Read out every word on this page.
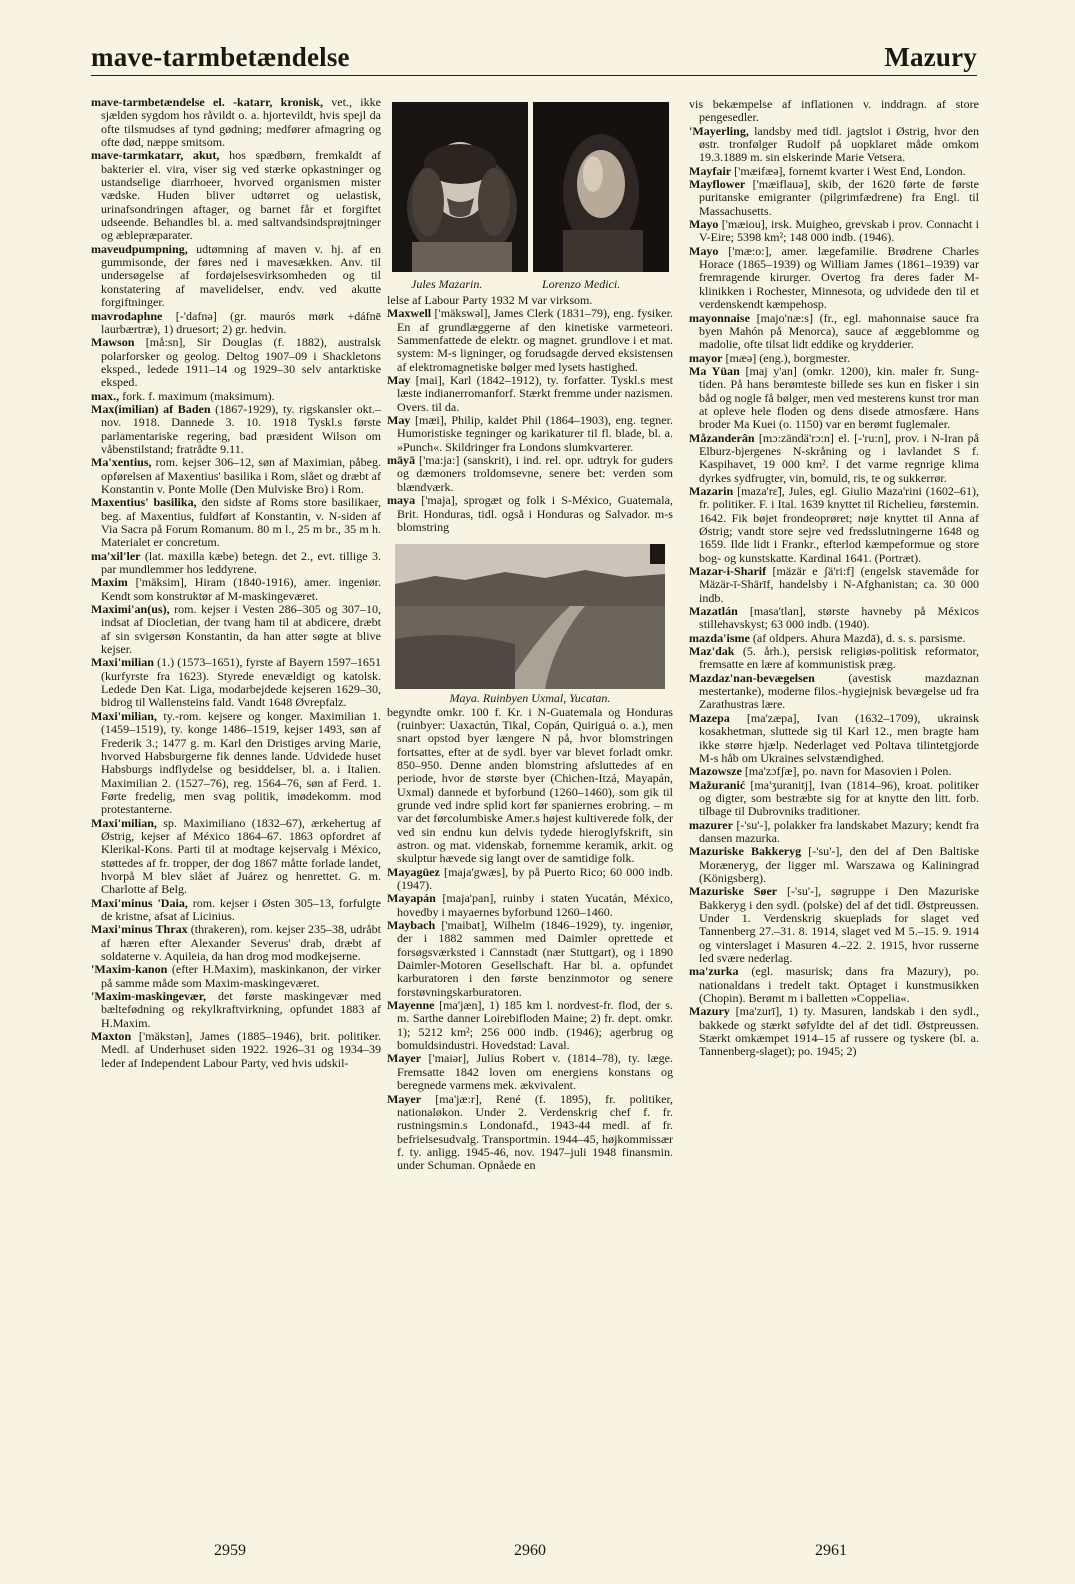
mave-tarmbetændelse	Mazury

mave-tarmbetændelse el. -katarr, kronisk, vet., ikke sjælden sygdom hos råvildt o. a. hjortevildt, hvis spejl da ofte tilsmudses af tynd gødning; medfører afmagring og ofte død, næppe smitsom.

mave-tarmkatarr, akut, hos spædbørn, fremkaldt af bakterier el. vira, viser sig ved stærke opkastninger og ustandselige diarrhoeer, hvorved organismen mister vædske. Huden bliver udtørret og uelastisk, urinafsondringen aftager, og barnet får et forgiftet udseende. Behandles bl. a. med saltvandsindsprøjtninger og æblepræparater.

maveudpumpning, udtømning af maven v. hj. af en gummisonde, der føres ned i mavesækken. Anv. til undersøgelse af fordøjelsesvirksomheden og til konstatering af mavelidelser, endv. ved akutte forgiftninger.

mavrodaphne [-'dafnə] (gr. maurós mørk +dáfnē laurbærtræ), 1) druesort; 2) gr. hedvin.

Mawson [må:sn], Sir Douglas (f. 1882), australsk polarforsker og geolog. Deltog 1907–09 i Shackletons eksped., ledede 1911–14 og 1929–30 selv antarktiske eksped.

max., fork. f. maximum (maksimum).

Max(imilian) af Baden (1867-1929), ty. rigskansler okt.–nov. 1918. Dannede 3. 10. 1918 Tyskl.s første parlamentariske regering, bad præsident Wilson om våbenstilstand; fratrådte 9.11.

Ma'xentius, rom. kejser 306–12, søn af Maximian, påbeg. opførelsen af Maxentius' basilika i Rom, slået og dræbt af Konstantin v. Ponte Molle (Den Mulviske Bro) i Rom.

Maxentius' basilika, den sidste af Roms store basilikaer, beg. af Maxentius, fuldført af Konstantin, v. N-siden af Via Sacra på Forum Romanum. 80 m l., 25 m br., 35 m h. Materialet er concretum.

ma'xil'ler (lat. maxilla kæbe) betegn. det 2., evt. tillige 3. par mundlemmer hos leddyrene.

Maxim ['mäksim], Hiram (1840-1916), amer. ingeniør. Kendt som konstruktør af M-maskingeværet.

Maximi'an(us), rom. kejser i Vesten 286–305 og 307–10, indsat af Diocletian, der tvang ham til at abdicere, dræbt af sin svigersøn Konstantin, da han atter søgte at blive kejser.

Maxi'milian (1.) (1573–1651), fyrste af Bayern 1597–1651 (kurfyrste fra 1623). Styrede enevældigt og katolsk. Ledede Den Kat. Liga, modarbejdede kejseren 1629–30, bidrog til Wallensteins fald. Vandt 1648 Øvrepfalz.

Maxi'milian, ty.-rom. kejsere og konger. Maximilian 1. (1459–1519), ty. konge 1486–1519, kejser 1493, søn af Frederik 3.; 1477 g. m. Karl den Dristiges arving Marie, hvorved Habsburgerne fik dennes lande. Udvidede huset Habsburgs indflydelse og besiddelser, bl. a. i Italien. Maximilian 2. (1527–76), reg. 1564–76, søn af Ferd. 1. Førte fredelig, men svag politik, imødekomm. mod protestanterne.

Maxi'milian, sp. Maximiliano (1832–67), ærkehertug af Østrig, kejser af México 1864–67. 1863 opfordret af Klerikal-Kons. Parti til at modtage kejservalg i México, støttedes af fr. tropper, der dog 1867 måtte forlade landet, hvorpå M blev slået af Juárez og henrettet. G. m. Charlotte af Belg.

Maxi'minus 'Daia, rom. kejser i Østen 305–13, forfulgte de kristne, afsat af Licinius.

Maxi'minus Thrax (thrakeren), rom. kejser 235–38, udråbt af hæren efter Alexander Severus' drab, dræbt af soldaterne v. Aquileia, da han drog mod modkejserne.

'Maxim-kanon (efter H.Maxim), maskinkanon, der virker på samme måde som Maxim-maskingeværet.

'Maxim-maskingevær, det første maskingevær med bæltefødning og rekylkraftvirkning, opfundet 1883 af H.Maxim.

Maxton ['mäkstən], James (1885–1946), brit. politiker. Medl. af Underhuset siden 1922. 1926–31 og 1934–39 leder af Independent Labour Party, ved hvis udskil-

Jules Mazarin.	Lorenzo Medici.

lelse af Labour Party 1932 M var virksom.

Maxwell ['mäkswəl], James Clerk (1831–79), eng. fysiker. En af grundlæggerne af den kinetiske varmeteori. Sammenfattede de elektr. og magnet. grundlove i et mat. system: M-s ligninger, og forudsagde derved eksistensen af elektromagnetiske bølger med lysets hastighed.

May [mai], Karl (1842–1912), ty. forfatter. Tyskl.s mest læste indianerromanforf. Stærkt fremme under nazismen. Overs. til da.

May [mæi], Philip, kaldet Phil (1864–1903), eng. tegner. Humoristiske tegninger og karikaturer til fl. blade, bl. a. »Punch«. Skildringer fra Londons slumkvarterer.

māyā ['ma:ja:] (sanskrit), i ind. rel. opr. udtryk for guders og dæmoners troldomsevne, senere bet: verden som blændværk.

maya ['maja], sprogæt og folk i S-México, Guatemala, Brit. Honduras, tidl. også i Honduras og Salvador. m-s blomstring

Maya. Ruinbyen Uxmal, Yucatan.

begyndte omkr. 100 f. Kr. i N-Guatemala og Honduras (ruinbyer: Uaxactún, Tikal, Copán, Quiriguá o. a.), men snart opstod byer længere N på, hvor blomstringen fortsattes, efter at de sydl. byer var blevet forladt omkr. 850–950. Denne anden blomstring afsluttedes af en periode, hvor de største byer (Chichen-Itzá, Mayapán, Uxmal) dannede et byforbund (1260–1460), som gik til grunde ved indre splid kort før spaniernes erobring. – m var det førcolumbiske Amer.s højest kultiverede folk, der ved sin endnu kun delvis tydede hieroglyfskrift, sin astron. og mat. videnskab, fornemme keramik, arkit. og skulptur hævede sig langt over de samtidige folk.

Mayagüez [maja'gwæs], by på Puerto Rico; 60 000 indb. (1947).

Mayapán [maja'pan], ruinby i staten Yucatán, México, hovedby i mayaernes byforbund 1260–1460.

Maybach ['maibat], Wilhelm (1846–1929), ty. ingeniør, der i 1882 sammen med Daimler oprettede et forsøgsværksted i Cannstadt (nær Stuttgart), og i 1890 Daimler-Motoren Gesellschaft. Har bl. a. opfundet karburatoren i den første benzinmotor og senere forstøvningskarburatoren.

Mayenne [ma'jæn], 1) 185 km l. nordvest-fr. flod, der s. m. Sarthe danner Loirebifloden Maine; 2) fr. dept. omkr. 1); 5212 km²; 256 000 indb. (1946); agerbrug og bomuldsindustri. Hovedstad: Laval.

Mayer ['maiər], Julius Robert v. (1814–78), ty. læge. Fremsatte 1842 loven om energiens konstans og beregnede varmens mek. ækvivalent.

Mayer [ma'jæ:r], René (f. 1895), fr. politiker, nationaløkon. Under 2. Verdenskrig chef f. fr. rustningsmin.s Londonafd., 1943-44 medl. af fr. befrielsesudvalg. Transportmin. 1944–45, højkommissær f. ty. anligg. 1945-46, nov. 1947–juli 1948 finansmin. under Schuman. Opnåede en

vis bekæmpelse af inflationen v. inddragn. af store pengesedler.

'Mayerling, landsby med tidl. jagtslot i Østrig, hvor den østr. tronfølger Rudolf på uopklaret måde omkom 19.3.1889 m. sin elskerinde Marie Vetsera.

Mayfair ['mæifæə], fornemt kvarter i West End, London.

Mayflower ['mæifl​auə], skib, der 1620 førte de første puritanske emigranter (pilgrimfædrene) fra Engl. til Massachusetts.

Mayo ['mæiou], irsk. Muigheo, grevskab i prov. Connacht i V-Eire; 5398 km²; 148 000 indb. (1946).

Mayo ['mæ:o:], amer. lægefamilie. Brødrene Charles Horace (1865–1939) og William James (1861–1939) var fremragende kirurger. Overtog fra deres fader M-klinikken i Rochester, Minnesota, og udvidede den til et verdenskendt kæmpehosp.

mayonnaise [majo'næ:s] (fr., egl. mahonnaise sauce fra byen Mahón på Menorca), sauce af æggeblomme og madolie, ofte tilsat lidt eddike og krydderier.

mayor [mæə] (eng.), borgmester.

Ma Yüan [maj y'an] (omkr. 1200), kin. maler fr. Sung-tiden. På hans berømteste billede ses kun en fisker i sin båd og nogle få bølger, men ved mesterens kunst tror man at opleve hele floden og dens disede atmosfære. Hans broder Ma Kuei (o. 1150) var en berømt fuglemaler.

Måzanderân [mɔ:zändä'rɔ:n] el. [-'ru:n], prov. i N-Iran på Elburz-bjergenes N-skråning og i lavlandet S f. Kaspihavet, 19 000 km². I det varme regnrige klima dyrkes sydfrugter, vin, bomuld, ris, te og sukkerrør.

Mazarin [maza'rɛ̃], Jules, egl. Giulio Maza'rini (1602–61), fr. politiker. F. i Ital. 1639 knyttet til Richelieu, førstemin. 1642. Fik bøjet frondeoprøret; nøje knyttet til Anna af Østrig; vandt store sejre ved fredsslutningerne 1648 og 1659. Ilde lidt i Frankr., efterlod kæmpeformue og store bog- og kunstskatte. Kardinal 1641. (Portræt).

Mazar-i-Sharif [mäzär e ʃä'ri:f] (engelsk stavemåde for Mäzär-ī-Shärīf, handelsby i N-Afghanistan; ca. 30 000 indb.

Mazatlán [masa'tlan], største havneby på Méxicos stillehavskyst; 63 000 indb. (1940).

mazda'isme (af oldpers. Ahura Mazdā), d. s. s. parsisme.

Maz'dak (5. årh.), persisk religiøs-politisk reformator, fremsatte en lære af kommunistisk præg.

Mazdaz'nan-bevægelsen (avestisk mazdaznan mestertanke), moderne filos.-hygiejnisk bevægelse ud fra Zarathustras lære.

Mazepa [ma'zæpa], Ivan (1632–1709), ukrainsk kosakhetman, sluttede sig til Karl 12., men bragte ham ikke større hjælp. Nederlaget ved Poltava tilintetgjorde M-s håb om Ukraines selvstændighed.

Mazowsze [ma'zɔfʃæ], po. navn for Masovien i Polen.

Mažuranić [ma'ʒuranitj], Ivan (1814–96), kroat. politiker og digter, som bestræbte sig for at knytte den litt. forb. tilbage til Dubrovniks traditioner.

mazurer [-'su'-], polakker fra landskabet Mazury; kendt fra dansen mazurka.

Mazuriske Bakkeryg [-'su'-], den del af Den Baltiske Moræneryg, der ligger ml. Warszawa og Kaliningrad (Königsberg).

Mazuriske Søer [-'su'-], søgruppe i Den Mazuriske Bakkeryg i den sydl. (polske) del af det tidl. Østpreussen. Under 1. Verdenskrig skueplads for slaget ved Tannenberg 27.–31. 8. 1914, slaget ved M 5.–15. 9. 1914 og vinterslaget i Masuren 4.–22. 2. 1915, hvor russerne led svære nederlag.

ma'zurka (egl. masurisk; dans fra Mazury), po. nationaldans i tredelt takt. Optaget i kunstmusikken (Chopin). Berømt m i balletten »Coppelia«.

Mazury [ma'zurī], 1) ty. Masuren, landskab i den sydl., bakkede og stærkt søfyldte del af det tidl. Østpreussen. Stærkt omkæmpet 1914–15 af russere og tyskere (bl. a. Tannenberg-slaget); po. 1945; 2)

2959	2960	2961
